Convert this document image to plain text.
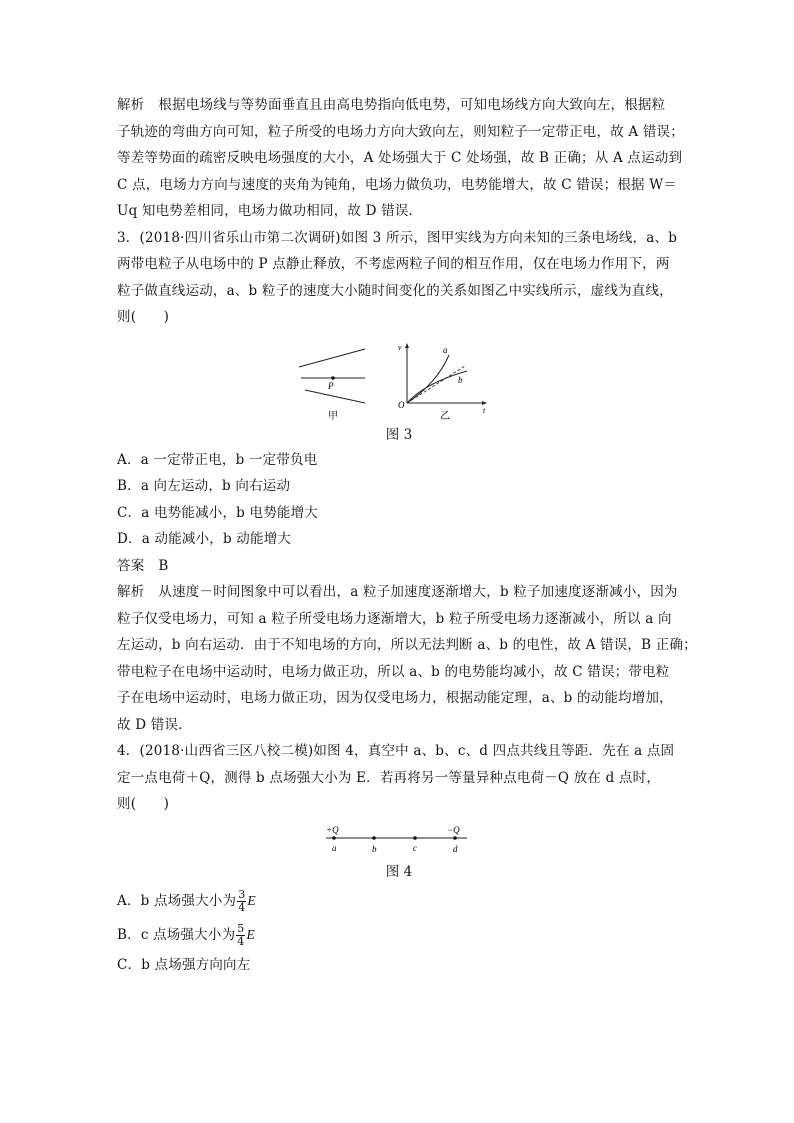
解析 根据电场线与等势面垂直且由高电势指向低电势，可知电场线方向大致向左，根据粒
子轨迹的弯曲方向可知，粒子所受的电场力方向大致向左，则知粒子一定带正电，故 A 错误；
等差等势面的疏密反映电场强度的大小，A 处场强大于 C 处场强，故 B 正确；从 A 点运动到
C 点，电场力方向与速度的夹角为钝角，电场力做负功，电势能增大，故 C 错误；根据 W＝
Uq 知电势差相同，电场力做功相同，故 D 错误．
3．(2018·四川省乐山市第二次调研)如图 3 所示，图甲实线为方向未知的三条电场线，a、b
两带电粒子从电场中的 P 点静止释放，不考虑两粒子间的相互作用，仅在电场力作用下，两
粒子做直线运动，a、b 粒子的速度大小随时间变化的关系如图乙中实线所示，虚线为直线，
则(　　)
P
甲
v
t
O
a
b
乙
图 3
A．a 一定带正电，b 一定带负电
B．a 向左运动，b 向右运动
C．a 电势能减小，b 电势能增大
D．a 动能减小，b 动能增大
答案 B
解析 从速度－时间图象中可以看出，a 粒子加速度逐渐增大，b 粒子加速度逐渐减小，因为
粒子仅受电场力，可知 a 粒子所受电场力逐渐增大，b 粒子所受电场力逐渐减小，所以 a 向
左运动，b 向右运动．由于不知电场的方向，所以无法判断 a、b 的电性，故 A 错误，B 正确；
带电粒子在电场中运动时，电场力做正功，所以 a、b 的电势能均减小，故 C 错误；带电粒
子在电场中运动时，电场力做正功，因为仅受电场力，根据动能定理，a、b 的动能均增加，
故 D 错误．
4．(2018·山西省三区八校二模)如图 4，真空中 a、b、c、d 四点共线且等距．先在 a 点固
定一点电荷＋Q，测得 b 点场强大小为 E．若再将另一等量异种点电荷－Q 放在 d 点时，
则(　　)
+Q	−Q
a	b	c	d
图 4
A．b 点场强大小为 $\frac{3}{4}$ E
B．c 点场强大小为 $\frac{5}{4}$ E
C．b 点场强方向向左
